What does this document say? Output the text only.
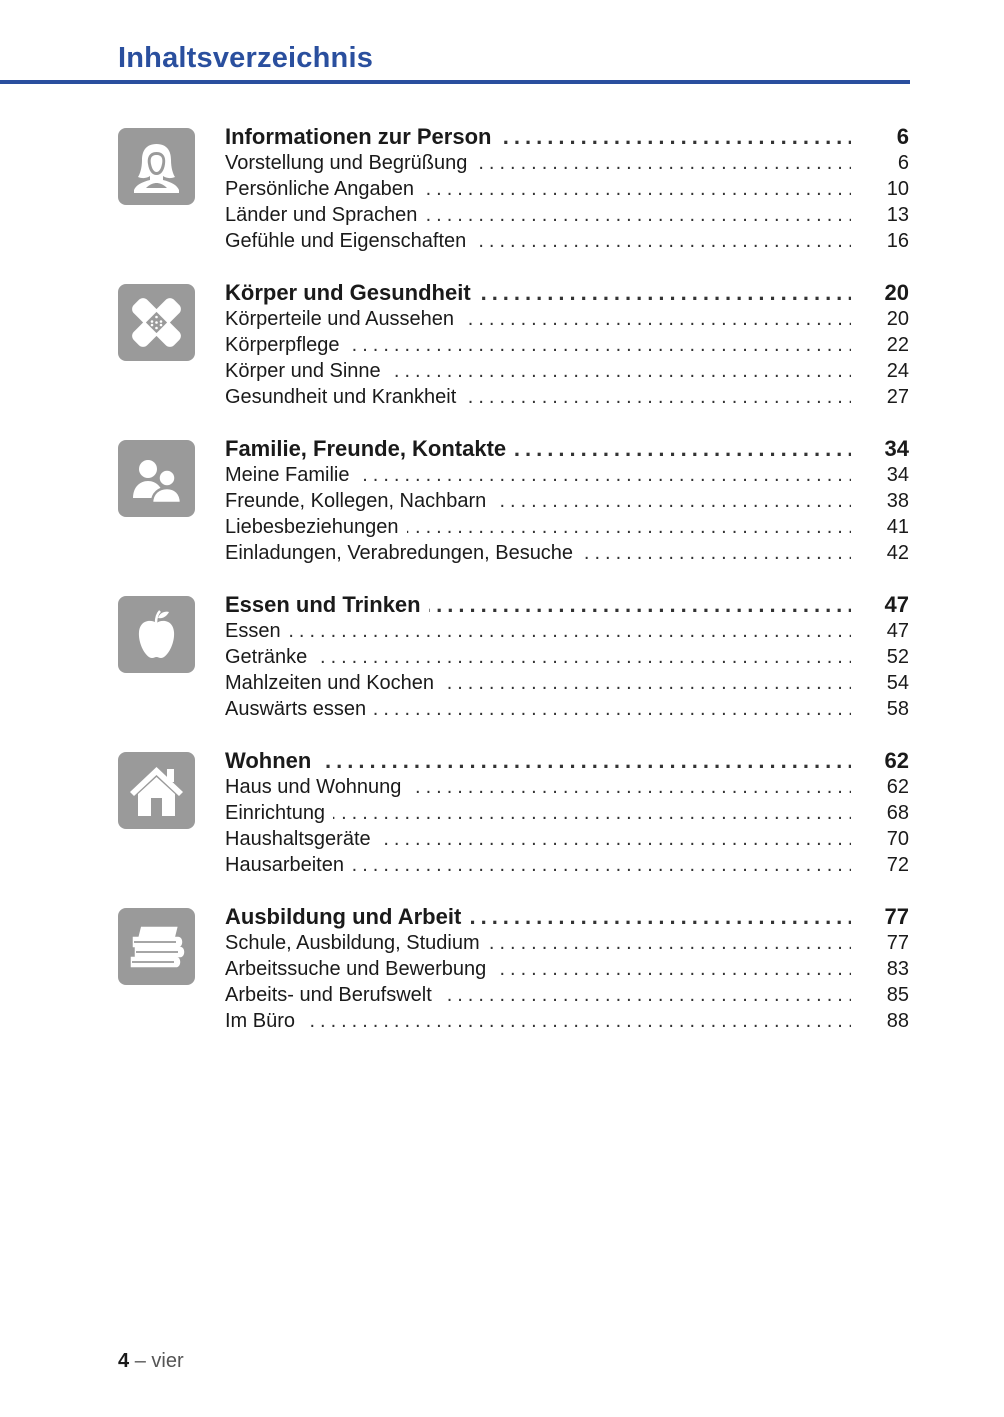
Inhaltsverzeichnis
.....
Informationen zur Person	6
.....
Vorstellung und Begrüßung	6
.....
Persönliche Angaben	10
.....
Länder und Sprachen	13
.....
Gefühle und Eigenschaften	16
.....
Körper und Gesundheit	20
.....
Körperteile und Aussehen	20
.....
Körperpflege	22
.....
Körper und Sinne	24
.....
Gesundheit und Krankheit	27
.....
Familie, Freunde, Kontakte	34
.....
Meine Familie	34
.....
Freunde, Kollegen, Nachbarn	38
.....
Liebesbeziehungen	41
.....
Einladungen, Verabredungen, Besuche	42
.....
Essen und Trinken	47
.....
Essen	47
.....
Getränke	52
.....
Mahlzeiten und Kochen	54
.....
Auswärts essen	58
.....
Wohnen	62
.....
Haus und Wohnung	62
.....
Einrichtung	68
.....
Haushaltsgeräte	70
.....
Hausarbeiten	72
.....
Ausbildung und Arbeit	77
.....
Schule, Ausbildung, Studium	77
.....
Arbeitssuche und Bewerbung	83
.....
Arbeits- und Berufswelt	85
.....
Im Büro	88
4 – vier
